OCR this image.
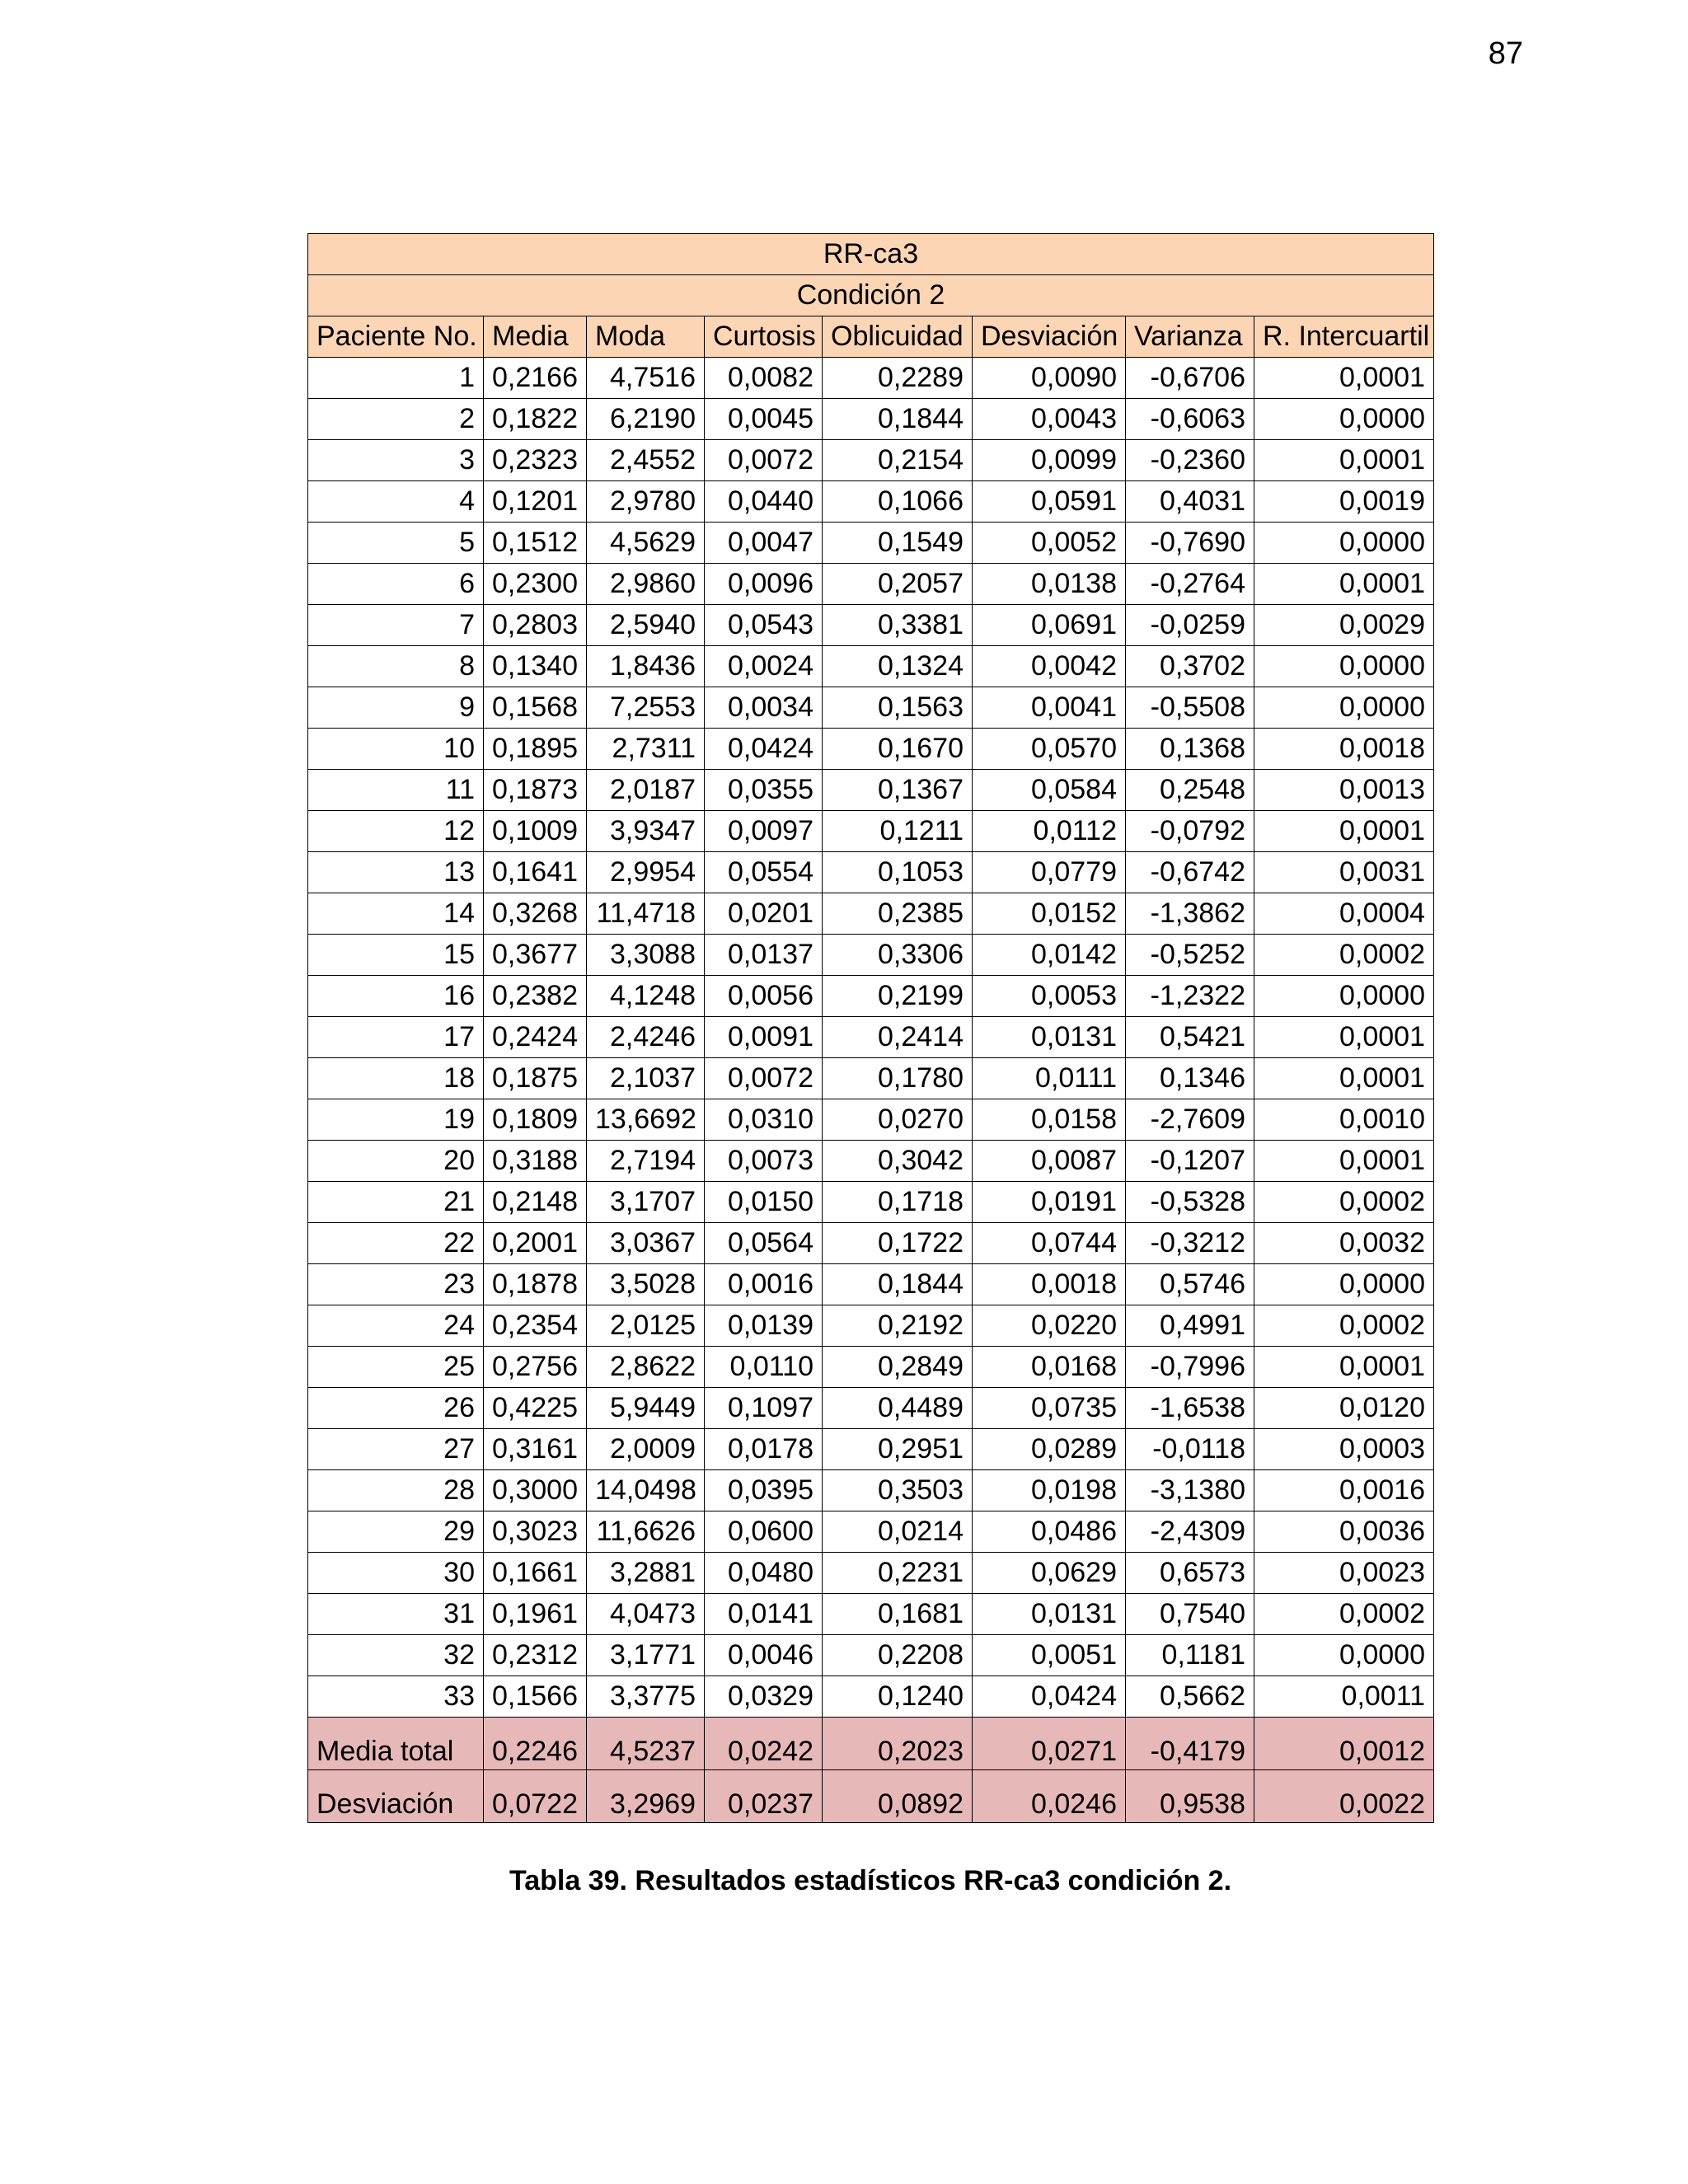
87
RR-ca3							
Condición 2							
Paciente No.	Media	Moda	Curtosis	Oblicuidad	Desviación	Varianza	R. Intercuartil
1	0,2166	4,7516	0,0082	0,2289	0,0090	-0,6706	0,0001
2	0,1822	6,2190	0,0045	0,1844	0,0043	-0,6063	0,0000
3	0,2323	2,4552	0,0072	0,2154	0,0099	-0,2360	0,0001
4	0,1201	2,9780	0,0440	0,1066	0,0591	0,4031	0,0019
5	0,1512	4,5629	0,0047	0,1549	0,0052	-0,7690	0,0000
6	0,2300	2,9860	0,0096	0,2057	0,0138	-0,2764	0,0001
7	0,2803	2,5940	0,0543	0,3381	0,0691	-0,0259	0,0029
8	0,1340	1,8436	0,0024	0,1324	0,0042	0,3702	0,0000
9	0,1568	7,2553	0,0034	0,1563	0,0041	-0,5508	0,0000
10	0,1895	2,7311	0,0424	0,1670	0,0570	0,1368	0,0018
11	0,1873	2,0187	0,0355	0,1367	0,0584	0,2548	0,0013
12	0,1009	3,9347	0,0097	0,1211	0,0112	-0,0792	0,0001
13	0,1641	2,9954	0,0554	0,1053	0,0779	-0,6742	0,0031
14	0,3268	11,4718	0,0201	0,2385	0,0152	-1,3862	0,0004
15	0,3677	3,3088	0,0137	0,3306	0,0142	-0,5252	0,0002
16	0,2382	4,1248	0,0056	0,2199	0,0053	-1,2322	0,0000
17	0,2424	2,4246	0,0091	0,2414	0,0131	0,5421	0,0001
18	0,1875	2,1037	0,0072	0,1780	0,0111	0,1346	0,0001
19	0,1809	13,6692	0,0310	0,0270	0,0158	-2,7609	0,0010
20	0,3188	2,7194	0,0073	0,3042	0,0087	-0,1207	0,0001
21	0,2148	3,1707	0,0150	0,1718	0,0191	-0,5328	0,0002
22	0,2001	3,0367	0,0564	0,1722	0,0744	-0,3212	0,0032
23	0,1878	3,5028	0,0016	0,1844	0,0018	0,5746	0,0000
24	0,2354	2,0125	0,0139	0,2192	0,0220	0,4991	0,0002
25	0,2756	2,8622	0,0110	0,2849	0,0168	-0,7996	0,0001
26	0,4225	5,9449	0,1097	0,4489	0,0735	-1,6538	0,0120
27	0,3161	2,0009	0,0178	0,2951	0,0289	-0,0118	0,0003
28	0,3000	14,0498	0,0395	0,3503	0,0198	-3,1380	0,0016
29	0,3023	11,6626	0,0600	0,0214	0,0486	-2,4309	0,0036
30	0,1661	3,2881	0,0480	0,2231	0,0629	0,6573	0,0023
31	0,1961	4,0473	0,0141	0,1681	0,0131	0,7540	0,0002
32	0,2312	3,1771	0,0046	0,2208	0,0051	0,1181	0,0000
33	0,1566	3,3775	0,0329	0,1240	0,0424	0,5662	0,0011
Media total	0,2246	4,5237	0,0242	0,2023	0,0271	-0,4179	0,0012
Desviación	0,0722	3,2969	0,0237	0,0892	0,0246	0,9538	0,0022
Tabla 39. Resultados estadísticos RR-ca3 condición 2.
